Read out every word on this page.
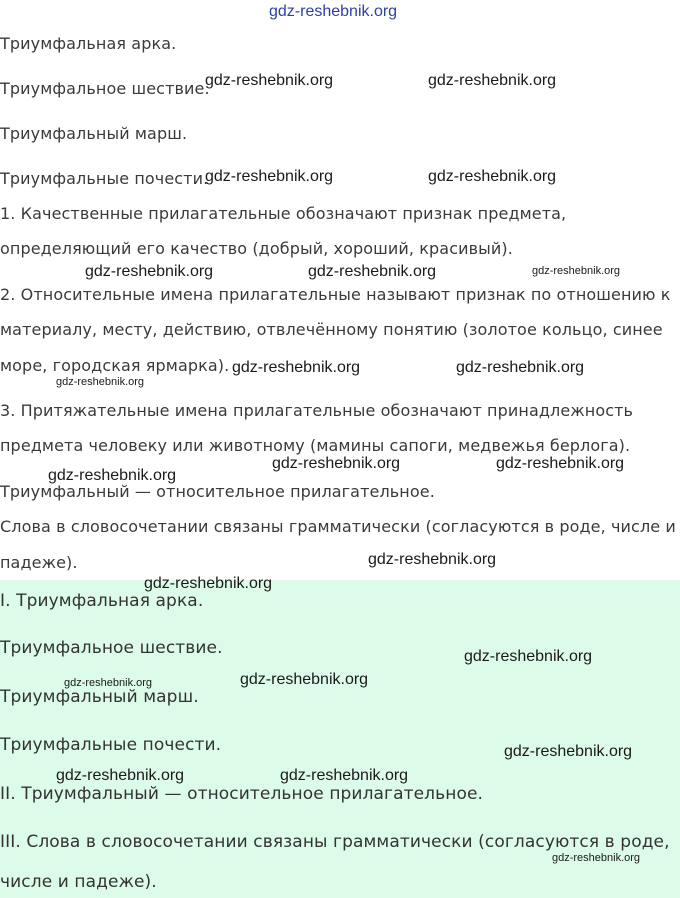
Триумфальная арка.

Триумфальное шествие.

Триумфальный марш.

Триумфальные почести.

1. Качественные прилагательные обозначают признак предмета,

определяющий его качество (добрый, хороший, красивый).

2. Относительные имена прилагательные называют признак по отношению к

материалу, месту, действию, отвлечённому понятию (золотое кольцо, синее

море, городская ярмарка).

3. Притяжательные имена прилагательные обозначают принадлежность

предмета человеку или животному (мамины сапоги, медвежья берлога).

Триумфальный — относительное прилагательное.

Слова в словосочетании связаны грамматически (согласуются в роде, числе и

падеже).

I. Триумфальная арка.

Триумфальное шествие.

Триумфальный марш.

Триумфальные почести.

II. Триумфальный — относительное прилагательное.

III. Слова в словосочетании связаны грамматически (согласуются в роде,

числе и падеже).

gdz-reshebnik.org
gdz-reshebnik.org	gdz-reshebnik.org
gdz-reshebnik.org	gdz-reshebnik.org
gdz-reshebnik.org	gdz-reshebnik.org	gdz-reshebnik.org
gdz-reshebnik.org	gdz-reshebnik.org
gdz-reshebnik.org
gdz-reshebnik.org	gdz-reshebnik.org
gdz-reshebnik.org
gdz-reshebnik.org
gdz-reshebnik.org
gdz-reshebnik.org
gdz-reshebnik.org	gdz-reshebnik.org
gdz-reshebnik.org
gdz-reshebnik.org	gdz-reshebnik.org
gdz-reshebnik.org
